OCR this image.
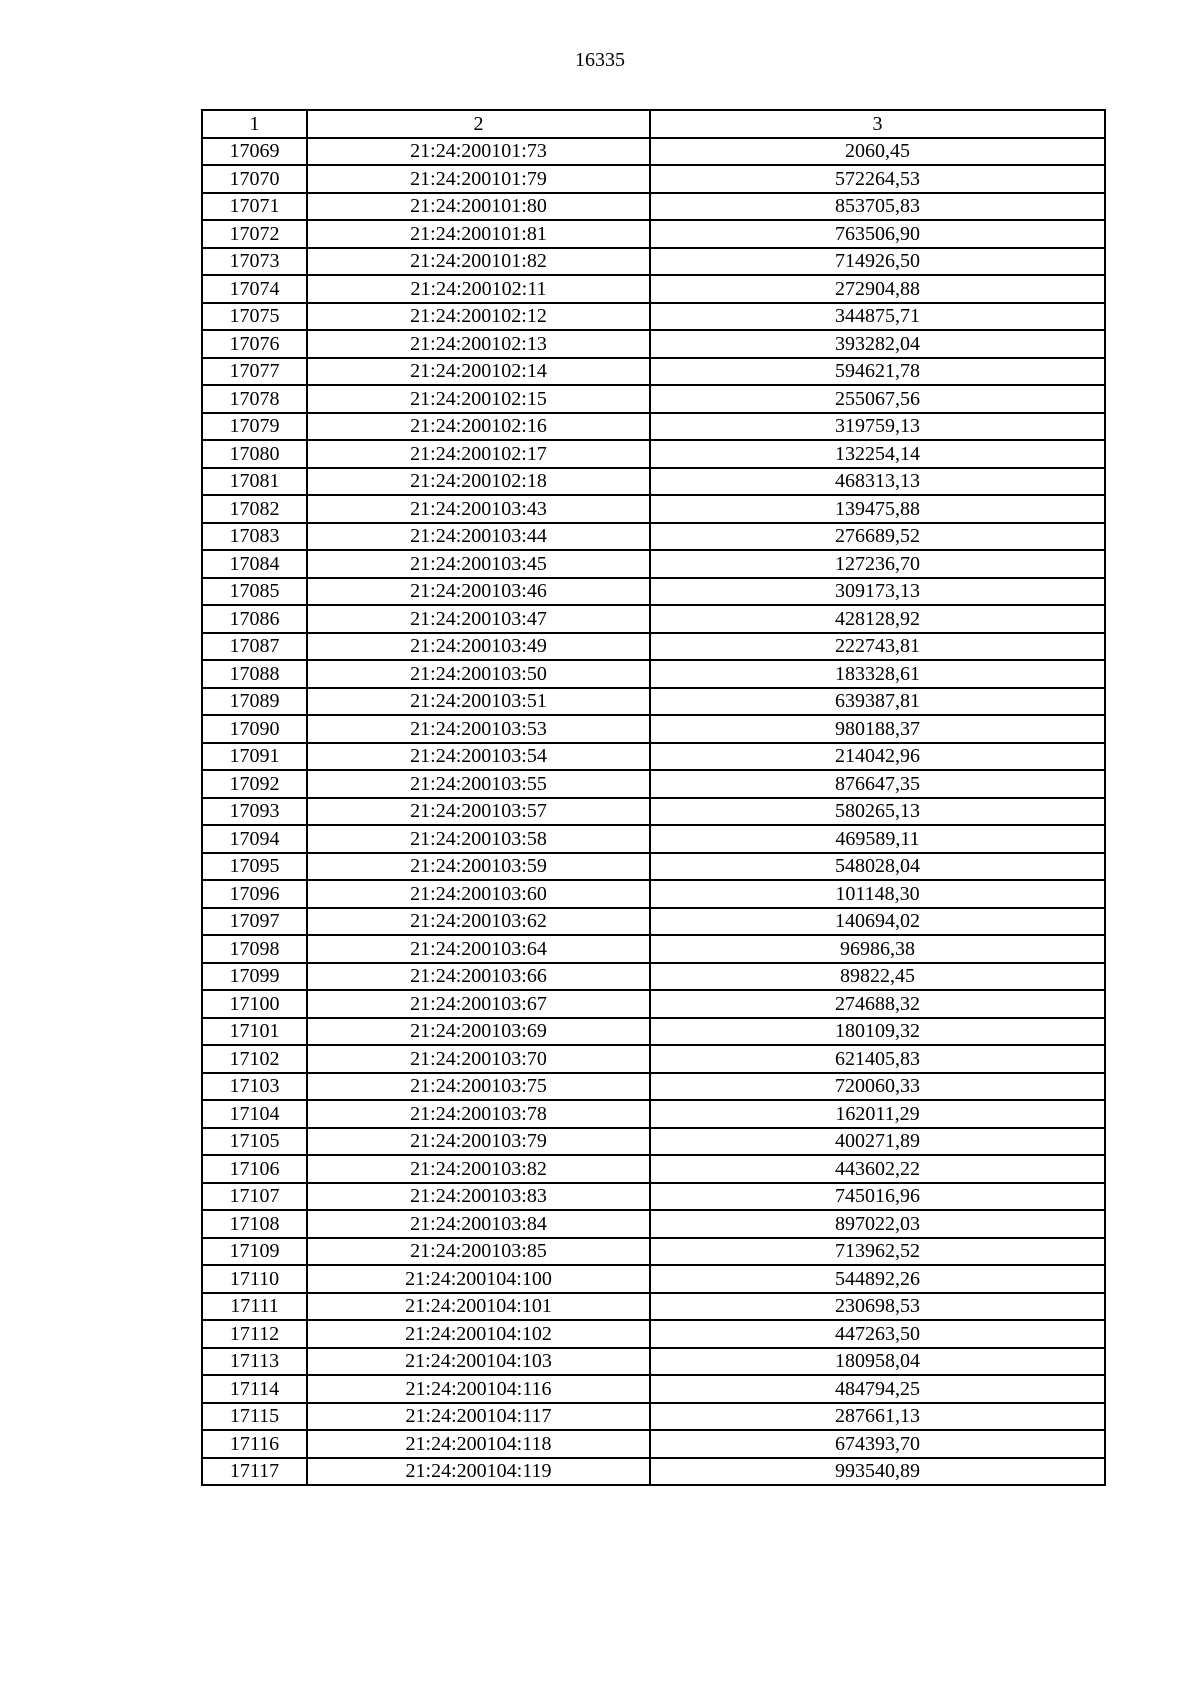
16335
1	2	3
17069	21:24:200101:73	2060,45
17070	21:24:200101:79	572264,53
17071	21:24:200101:80	853705,83
17072	21:24:200101:81	763506,90
17073	21:24:200101:82	714926,50
17074	21:24:200102:11	272904,88
17075	21:24:200102:12	344875,71
17076	21:24:200102:13	393282,04
17077	21:24:200102:14	594621,78
17078	21:24:200102:15	255067,56
17079	21:24:200102:16	319759,13
17080	21:24:200102:17	132254,14
17081	21:24:200102:18	468313,13
17082	21:24:200103:43	139475,88
17083	21:24:200103:44	276689,52
17084	21:24:200103:45	127236,70
17085	21:24:200103:46	309173,13
17086	21:24:200103:47	428128,92
17087	21:24:200103:49	222743,81
17088	21:24:200103:50	183328,61
17089	21:24:200103:51	639387,81
17090	21:24:200103:53	980188,37
17091	21:24:200103:54	214042,96
17092	21:24:200103:55	876647,35
17093	21:24:200103:57	580265,13
17094	21:24:200103:58	469589,11
17095	21:24:200103:59	548028,04
17096	21:24:200103:60	101148,30
17097	21:24:200103:62	140694,02
17098	21:24:200103:64	96986,38
17099	21:24:200103:66	89822,45
17100	21:24:200103:67	274688,32
17101	21:24:200103:69	180109,32
17102	21:24:200103:70	621405,83
17103	21:24:200103:75	720060,33
17104	21:24:200103:78	162011,29
17105	21:24:200103:79	400271,89
17106	21:24:200103:82	443602,22
17107	21:24:200103:83	745016,96
17108	21:24:200103:84	897022,03
17109	21:24:200103:85	713962,52
17110	21:24:200104:100	544892,26
17111	21:24:200104:101	230698,53
17112	21:24:200104:102	447263,50
17113	21:24:200104:103	180958,04
17114	21:24:200104:116	484794,25
17115	21:24:200104:117	287661,13
17116	21:24:200104:118	674393,70
17117	21:24:200104:119	993540,89
